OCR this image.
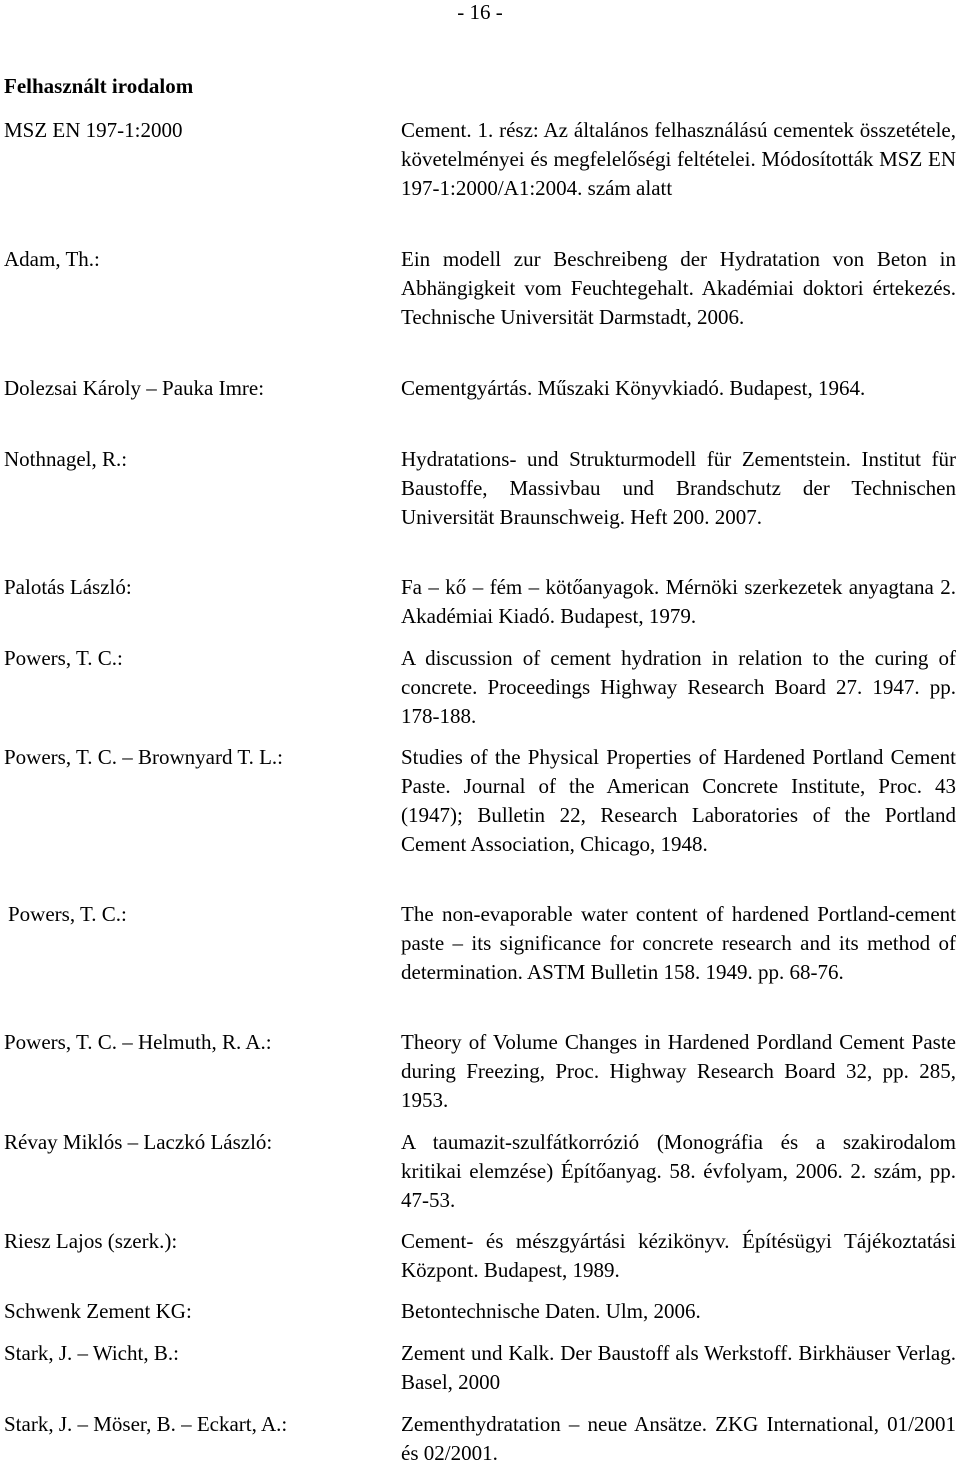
- 16 -
Felhasznált irodalom
MSZ EN 197-1:2000	Cement. 1. rész: Az általános felhasználású cementek összetétele, követelményei és megfelelőségi feltételei. Módosították MSZ EN 197-1:2000/A1:2004. szám alatt
Adam, Th.:	Ein modell zur Beschreibeng der Hydratation von Beton in Abhängigkeit vom Feuchtegehalt. Akadémiai doktori értekezés. Technische Universität Darmstadt, 2006.
Dolezsai Károly – Pauka Imre:	Cementgyártás. Műszaki Könyvkiadó. Budapest, 1964.
Nothnagel, R.:	Hydratations- und Strukturmodell für Zementstein. Institut für Baustoffe, Massivbau und Brandschutz der Technischen Universität Braunschweig. Heft 200. 2007.
Palotás László:	Fa – kő – fém – kötőanyagok. Mérnöki szerkezetek anyagtana 2. Akadémiai Kiadó. Budapest, 1979.
Powers, T. C.:	A discussion of cement hydration in relation to the curing of concrete. Proceedings Highway Research Board 27. 1947. pp. 178-188.
Powers, T. C. – Brownyard T. L.:	Studies of the Physical Properties of Hardened Portland Cement Paste. Journal of the American Concrete Institute, Proc. 43 (1947); Bulletin 22, Research Laboratories of the Portland Cement Association, Chicago, 1948.
Powers, T. C.:	The non-evaporable water content of hardened Portland-cement paste – its significance for concrete research and its method of determination. ASTM Bulletin 158. 1949. pp. 68-76.
Powers, T. C. – Helmuth, R. A.:	Theory of Volume Changes in Hardened Pordland Cement Paste during Freezing, Proc. Highway Research Board 32, pp. 285, 1953.
Révay Miklós – Laczkó László:	A taumazit-szulfátkorrózió (Monográfia és a szakirodalom kritikai elemzése) Építőanyag. 58. évfolyam, 2006. 2. szám, pp. 47-53.
Riesz Lajos (szerk.):	Cement- és mészgyártási kézikönyv. Építésügyi Tájékoztatási Központ. Budapest, 1989.
Schwenk Zement KG:	Betontechnische Daten. Ulm, 2006.
Stark, J. – Wicht, B.:	Zement und Kalk. Der Baustoff als Werkstoff. Birkhäuser Verlag. Basel, 2000
Stark, J. – Möser, B. – Eckart, A.:	Zementhydratation – neue Ansätze. ZKG International, 01/2001 és 02/2001.
